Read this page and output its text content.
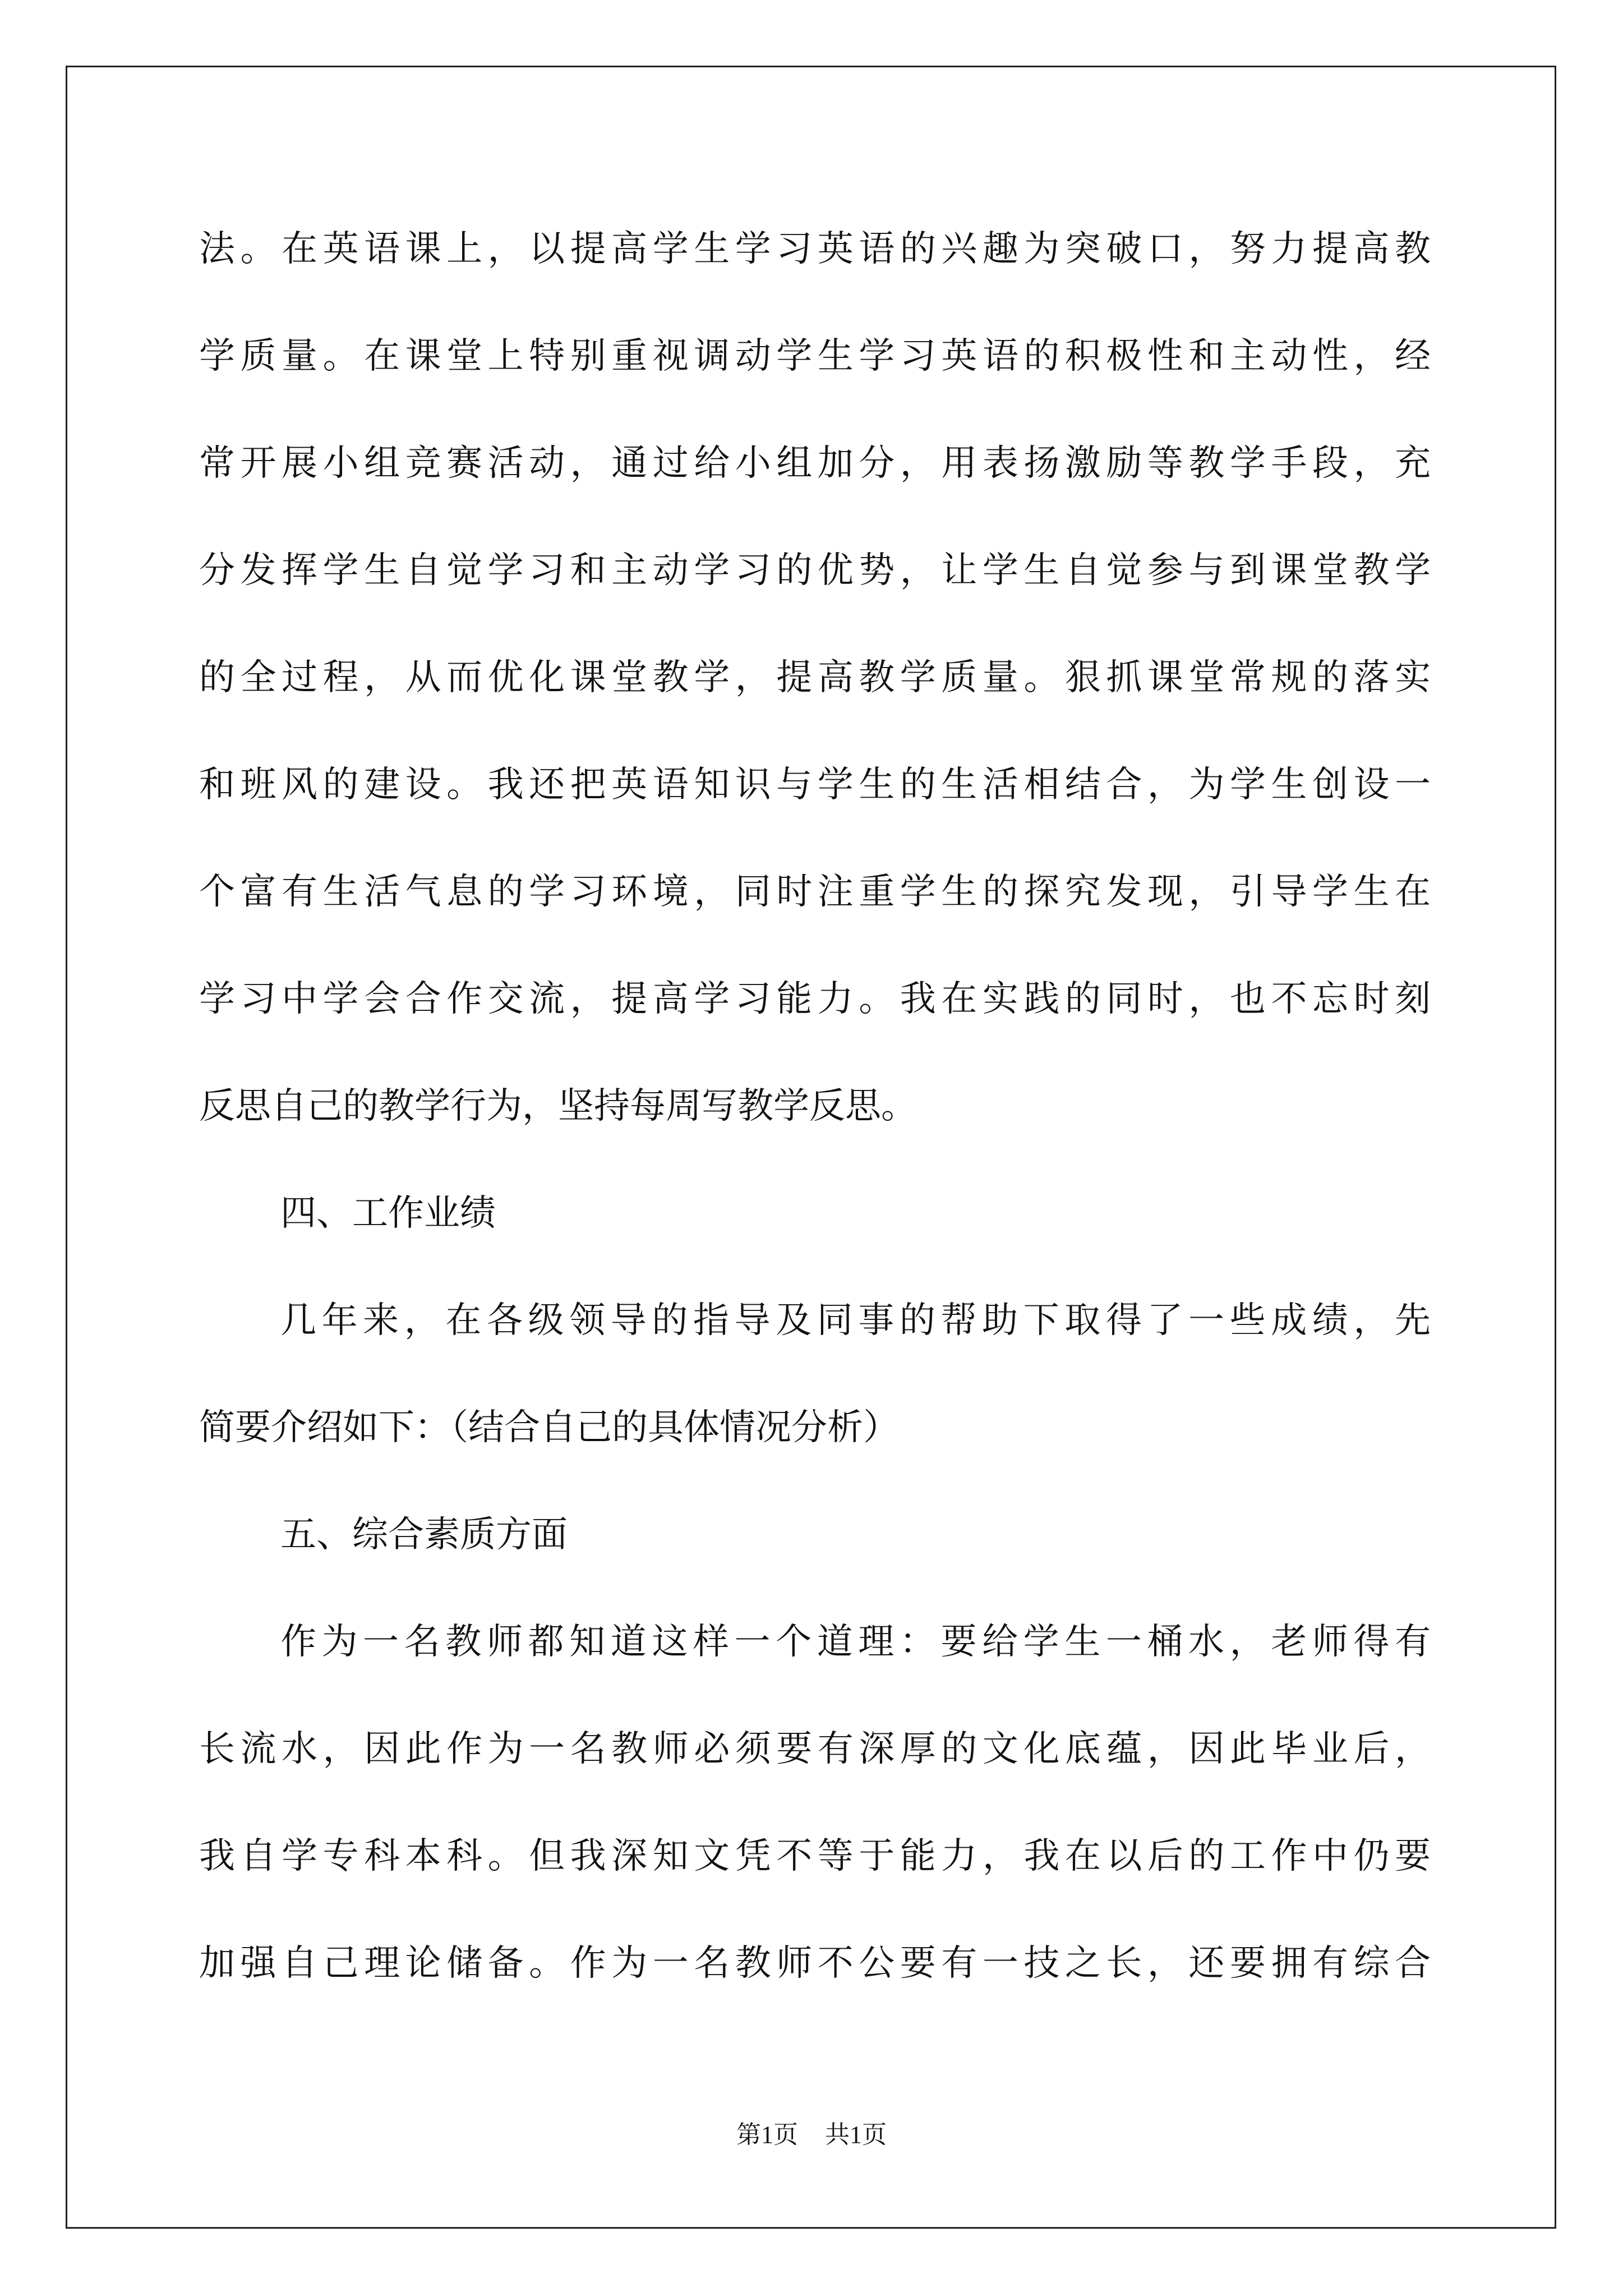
法。在英语课上，以提高学生学习英语的兴趣为突破口，努力提高教
学质量。在课堂上特别重视调动学生学习英语的积极性和主动性，经
常开展小组竞赛活动，通过给小组加分，用表扬激励等教学手段，充
分发挥学生自觉学习和主动学习的优势，让学生自觉参与到课堂教学
的全过程，从而优化课堂教学，提高教学质量。狠抓课堂常规的落实
和班风的建设。我还把英语知识与学生的生活相结合，为学生创设一
个富有生活气息的学习环境，同时注重学生的探究发现，引导学生在
学习中学会合作交流，提高学习能力。我在实践的同时，也不忘时刻
反思自己的教学行为，坚持每周写教学反思。
四、工作业绩
几年来，在各级领导的指导及同事的帮助下取得了一些成绩，先
简要介绍如下：（结合自己的具体情况分析）
五、综合素质方面
作为一名教师都知道这样一个道理：要给学生一桶水，老师得有
长流水，因此作为一名教师必须要有深厚的文化底蕴，因此毕业后，
我自学专科本科。但我深知文凭不等于能力，我在以后的工作中仍要
加强自己理论储备。作为一名教师不公要有一技之长，还要拥有综合
第1页 共1页
